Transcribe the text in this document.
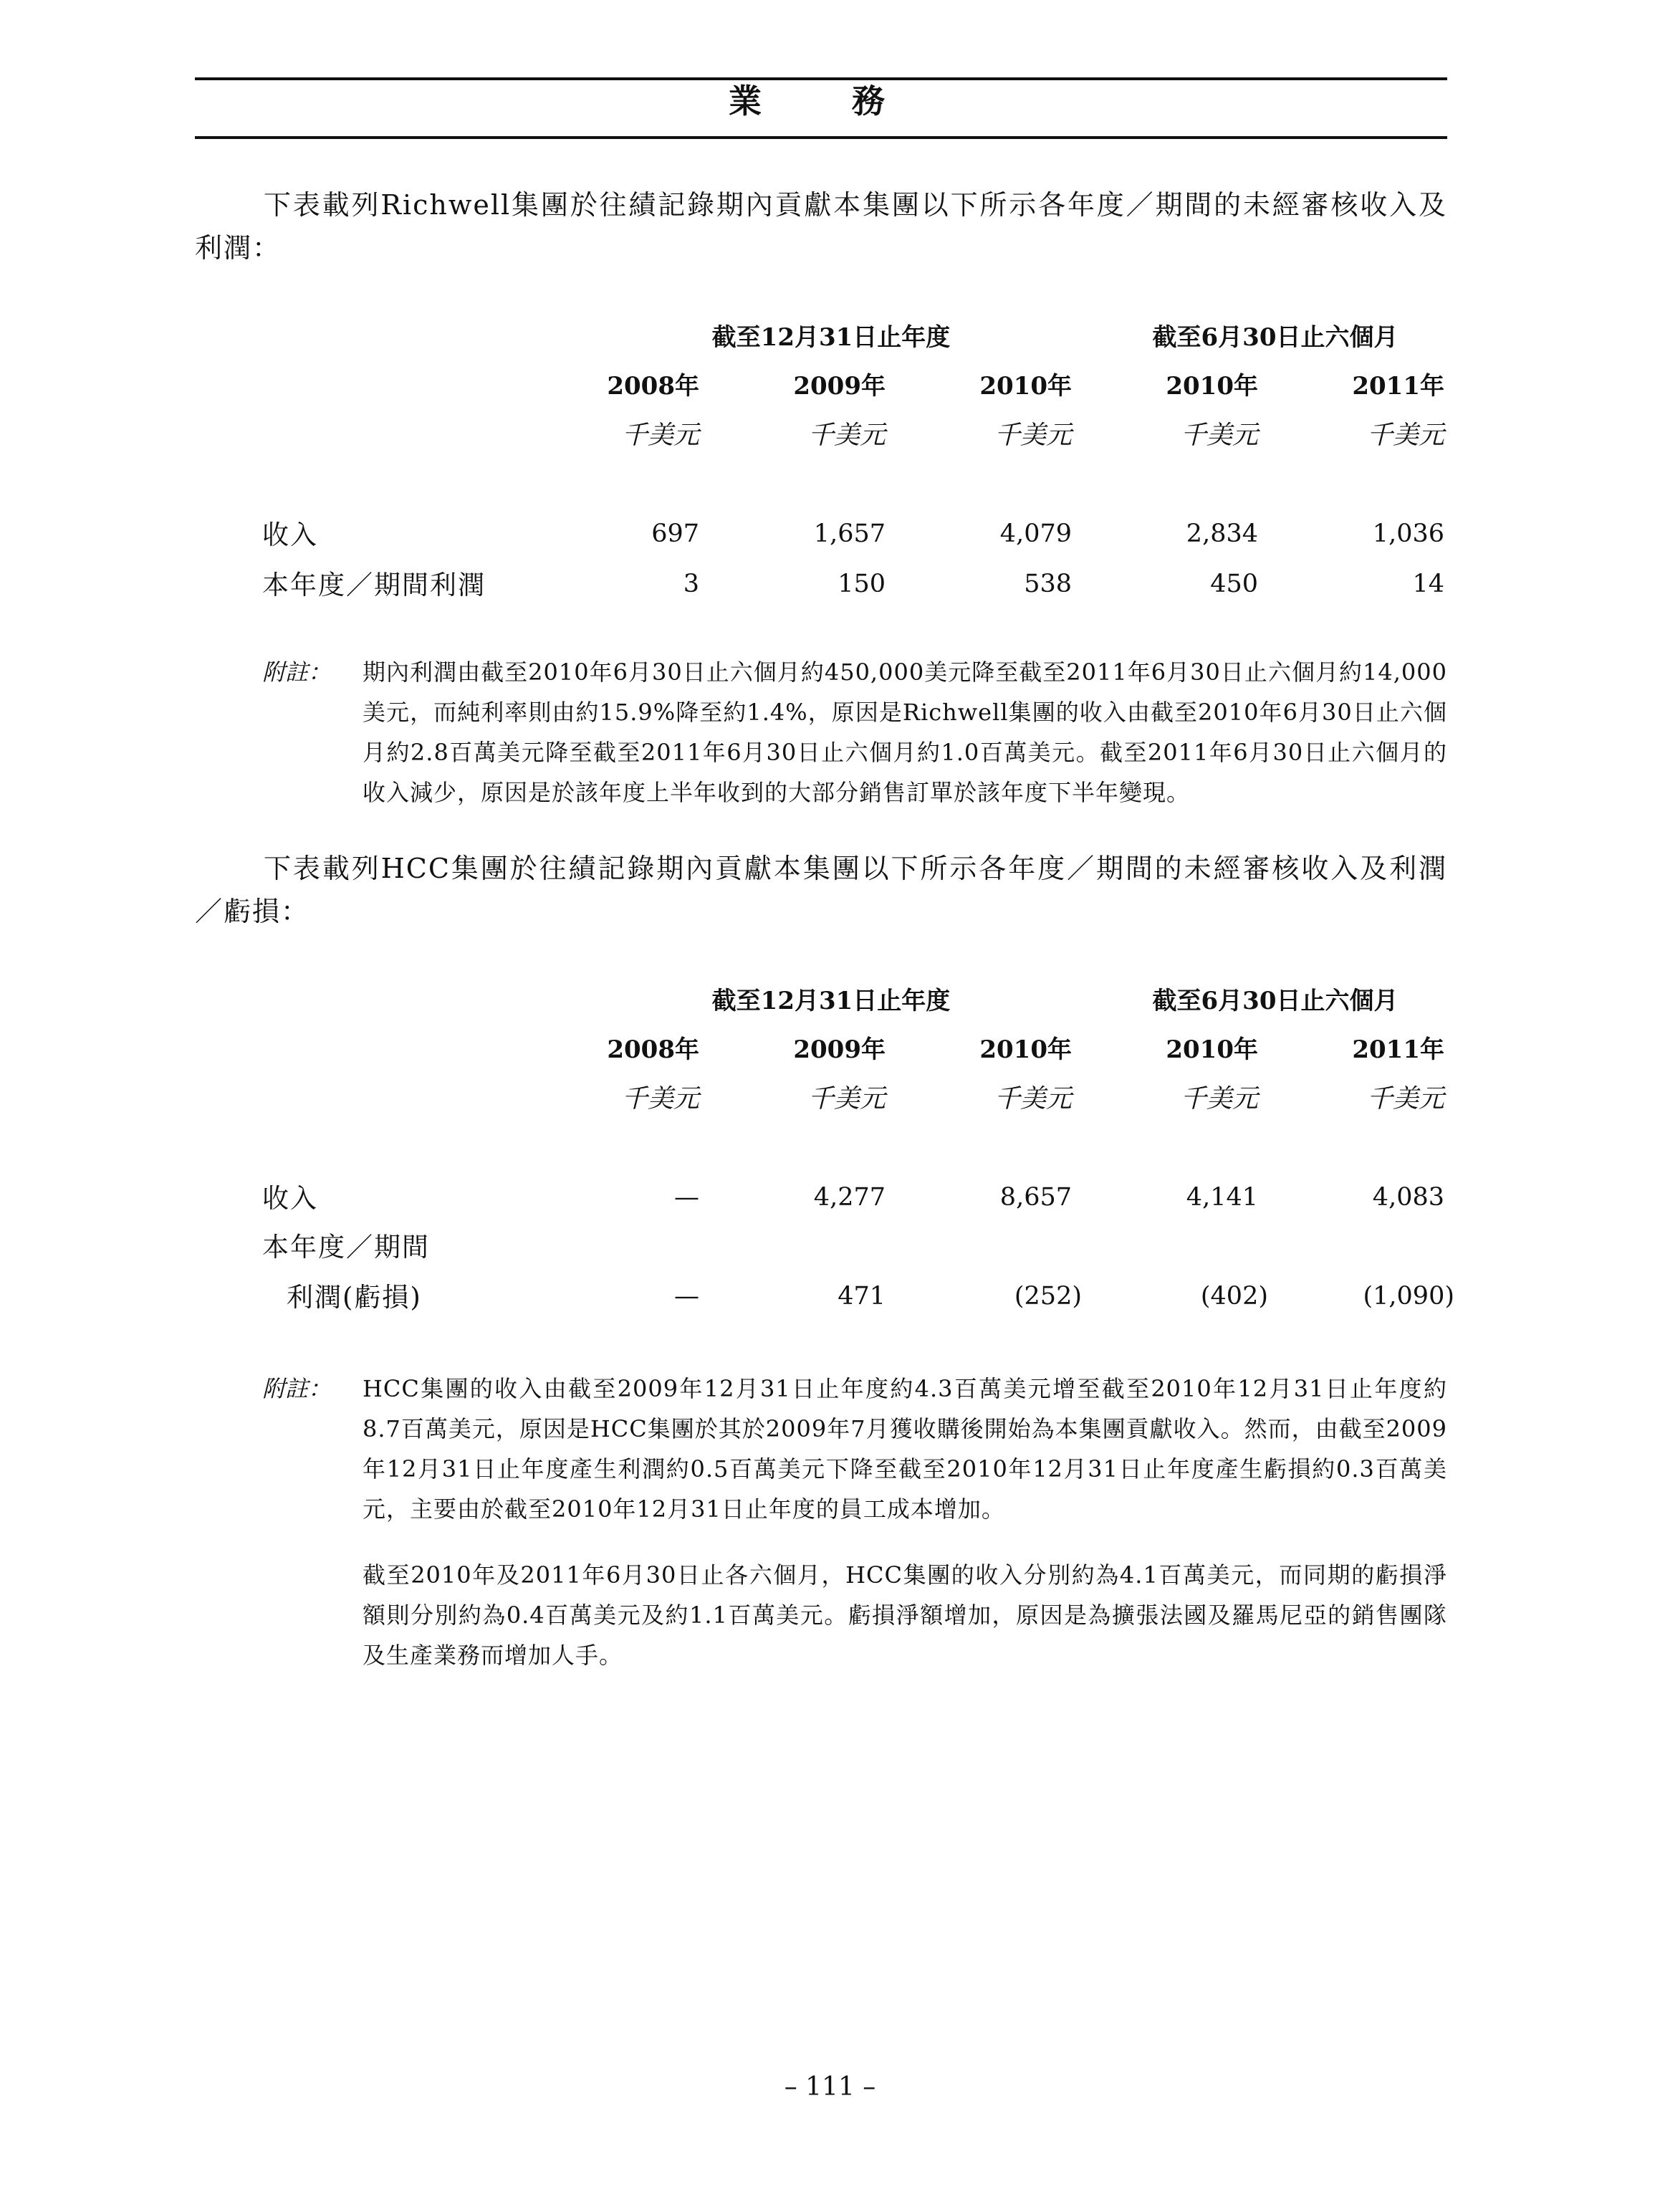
業　務

下表載列Richwell集團於往績記錄期內貢獻本集團以下所示各年度／期間的未經審核收入及利潤：

截至12月31日止年度	截至6月30日止六個月
2008年	2009年	2010年	2010年	2011年
千美元	千美元	千美元	千美元	千美元
收入	697	1,657	4,079	2,834	1,036
本年度／期間利潤	3	150	538	450	14
附註： 期內利潤由截至2010年6月30日止六個月約450,000美元降至截至2011年6月30日止六個月約14,000美元，而純利率則由約15.9%降至約1.4%，原因是Richwell集團的收入由截至2010年6月30日止六個月約2.8百萬美元降至截至2011年6月30日止六個月約1.0百萬美元。截至2011年6月30日止六個月的收入減少，原因是於該年度上半年收到的大部分銷售訂單於該年度下半年變現。

下表載列HCC集團於往績記錄期內貢獻本集團以下所示各年度／期間的未經審核收入及利潤／虧損：

截至12月31日止年度	截至6月30日止六個月
2008年	2009年	2010年	2010年	2011年
千美元	千美元	千美元	千美元	千美元
收入	—	4,277	8,657	4,141	4,083
本年度／期間
利潤(虧損)	—	471	(252)	(402)	(1,090)
附註： HCC集團的收入由截至2009年12月31日止年度約4.3百萬美元增至截至2010年12月31日止年度約8.7百萬美元，原因是HCC集團於其於2009年7月獲收購後開始為本集團貢獻收入。然而，由截至2009年12月31日止年度產生利潤約0.5百萬美元下降至截至2010年12月31日止年度產生虧損約0.3百萬美元，主要由於截至2010年12月31日止年度的員工成本增加。

截至2010年及2011年6月30日止各六個月，HCC集團的收入分別約為4.1百萬美元，而同期的虧損淨額則分別約為0.4百萬美元及約1.1百萬美元。虧損淨額增加，原因是為擴張法國及羅馬尼亞的銷售團隊及生產業務而增加人手。

– 111 –
